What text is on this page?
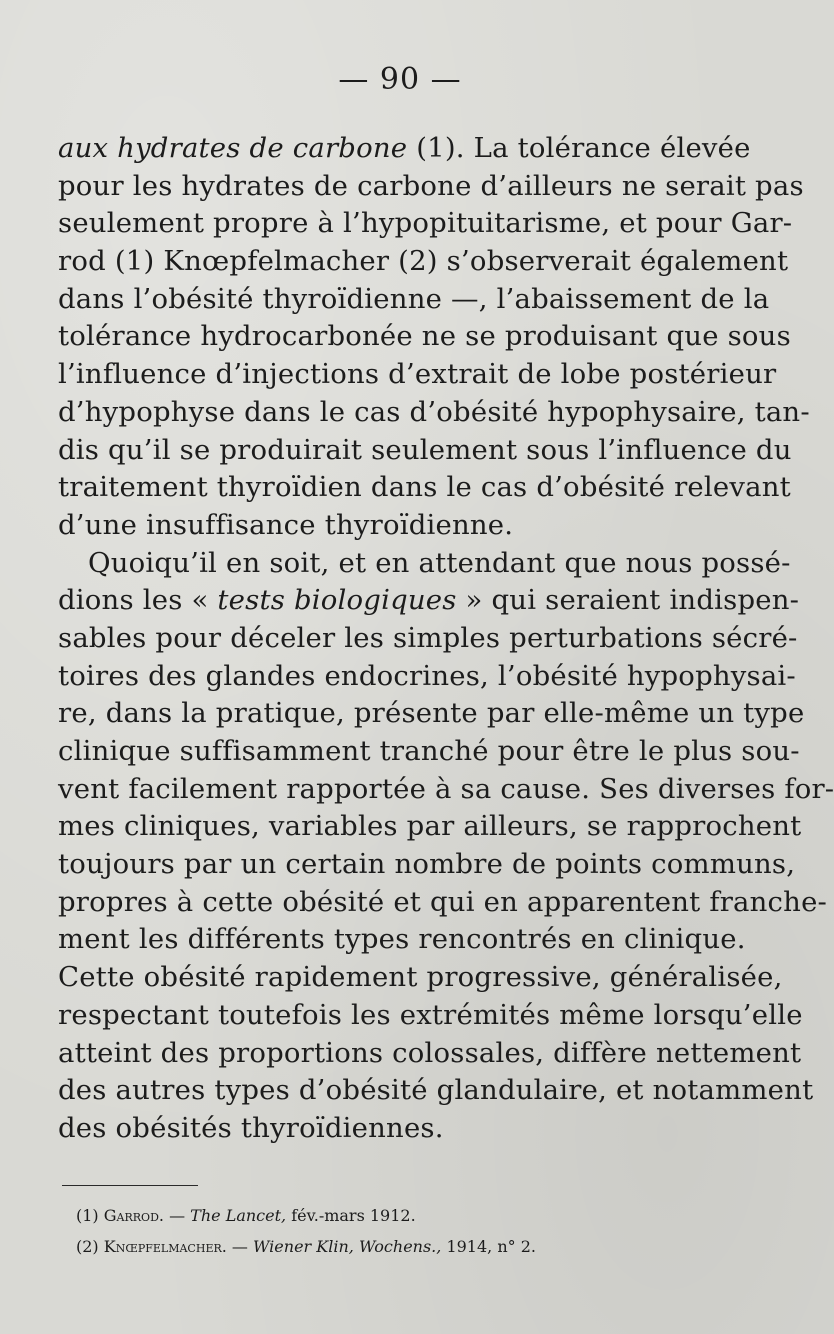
— 90 —

aux hydrates de carbone (1). La tolérance élevée
pour les hydrates de carbone d’ailleurs ne serait pas
seulement propre à l’hypopituitarisme, et pour Gar-
rod (1) Knœpfelmacher (2) s’observerait également
dans l’obésité thyroïdienne —, l’abaissement de la
tolérance hydrocarbonée ne se produisant que sous
l’influence d’injections d’extrait de lobe postérieur
d’hypophyse dans le cas d’obésité hypophysaire, tan-
dis qu’il se produirait seulement sous l’influence du
traitement thyroïdien dans le cas d’obésité relevant
d’une insuffisance thyroïdienne.

Quoiqu’il en soit, et en attendant que nous possé-
dions les « tests biologiques » qui seraient indispen-
sables pour déceler les simples perturbations sécré-
toires des glandes endocrines, l’obésité hypophysai-
re, dans la pratique, présente par elle-même un type
clinique suffisamment tranché pour être le plus sou-
vent facilement rapportée à sa cause. Ses diverses for-
mes cliniques, variables par ailleurs, se rapprochent
toujours par un certain nombre de points communs,
propres à cette obésité et qui en apparentent franche-
ment les différents types rencontrés en clinique.
Cette obésité rapidement progressive, généralisée,
respectant toutefois les extrémités même lorsqu’elle
atteint des proportions colossales, diffère nettement
des autres types d’obésité glandulaire, et notamment
des obésités thyroïdiennes.

(1) Garrod. — The Lancet, fév.-mars 1912.
(2) Knœpfelmacher. — Wiener Klin, Wochens., 1914, n° 2.
